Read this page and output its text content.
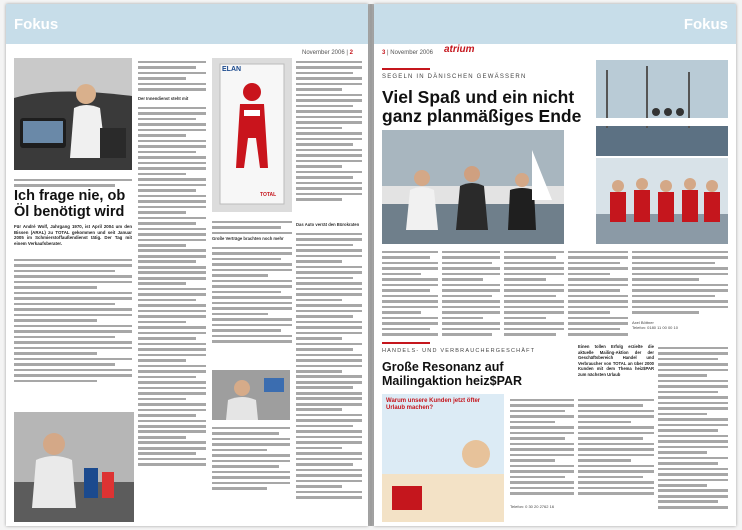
Fokus
November 2006 | 2
Ich frage nie, ob Öl benötigt wird
Für André Wolf, Jahrgang 1970, ist April 2004 um den Bissen (ARAL) zu TOTAL gekommen und seit Januar 2005 im Schmierstoffaußendienst tätig. Der Tag mit einem Verkaufsberater.
Der Innendienst steht mit
ELAN
TOTAL
Große Verträge brachten noch mehr
Das Auto verrät den Bürokraten
Fokus
3 | November 2006 atrium
SEGELN IN DÄNISCHEN GEWÄSSERN
Viel Spaß und ein nicht ganz planmäßiges Ende
Axel Böttner
Telefon: 0180 11 00 00 10
HANDELS- UND VERBRAUCHERGESCHÄFT
Große Resonanz auf Mailingaktion heiz$PAR
Warum unsere Kunden jetzt öfter
Urlaub machen?
Telefon: 0 30 20 2762 16
Einen tollen Erfolg erzielte die aktuelle Mailing-Aktion der der Geschäftsbereich Handel und Verbraucher von TOTAL an über 2000 Kunden mit dem Thema heiz$PAR zum nächsten Urlaub
